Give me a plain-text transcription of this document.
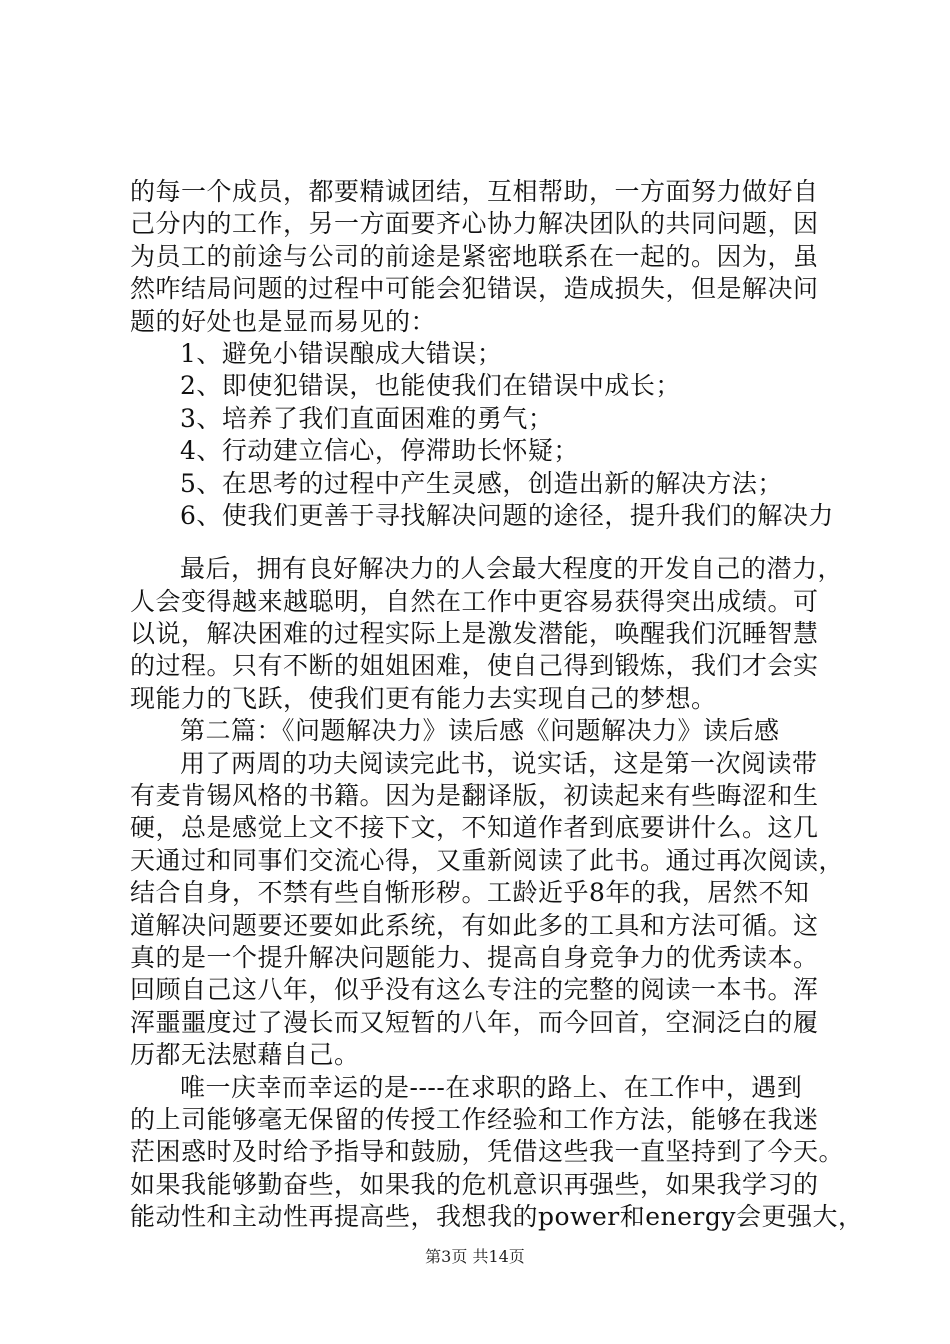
的每一个成员，都要精诚团结，互相帮助，一方面努力做好自
己分内的工作，另一方面要齐心协力解决团队的共同问题，因
为员工的前途与公司的前途是紧密地联系在一起的。因为，虽
然咋结局问题的过程中可能会犯错误，造成损失，但是解决问
题的好处也是显而易见的：
1、避免小错误酿成大错误；
2、即使犯错误，也能使我们在错误中成长；
3、培养了我们直面困难的勇气；
4、行动建立信心，停滞助长怀疑；
5、在思考的过程中产生灵感，创造出新的解决方法；
6、使我们更善于寻找解决问题的途径，提升我们的解决力
最后，拥有良好解决力的人会最大程度的开发自己的潜力，
人会变得越来越聪明，自然在工作中更容易获得突出成绩。可
以说，解决困难的过程实际上是激发潜能，唤醒我们沉睡智慧
的过程。只有不断的姐姐困难，使自己得到锻炼，我们才会实
现能力的飞跃，使我们更有能力去实现自己的梦想。
第二篇：《问题解决力》读后感《问题解决力》读后感
用了两周的功夫阅读完此书，说实话，这是第一次阅读带
有麦肯锡风格的书籍。因为是翻译版，初读起来有些晦涩和生
硬，总是感觉上文不接下文，不知道作者到底要讲什么。这几
天通过和同事们交流心得，又重新阅读了此书。通过再次阅读，
结合自身，不禁有些自惭形秽。工龄近乎8年的我，居然不知
道解决问题要还要如此系统，有如此多的工具和方法可循。这
真的是一个提升解决问题能力、提高自身竞争力的优秀读本。
回顾自己这八年，似乎没有这么专注的完整的阅读一本书。浑
浑噩噩度过了漫长而又短暂的八年，而今回首，空洞泛白的履
历都无法慰藉自己。
唯一庆幸而幸运的是----在求职的路上、在工作中，遇到
的上司能够毫无保留的传授工作经验和工作方法，能够在我迷
茫困惑时及时给予指导和鼓励，凭借这些我一直坚持到了今天。
如果我能够勤奋些，如果我的危机意识再强些，如果我学习的
能动性和主动性再提高些，我想我的power和energy会更强大，
第3页 共14页
